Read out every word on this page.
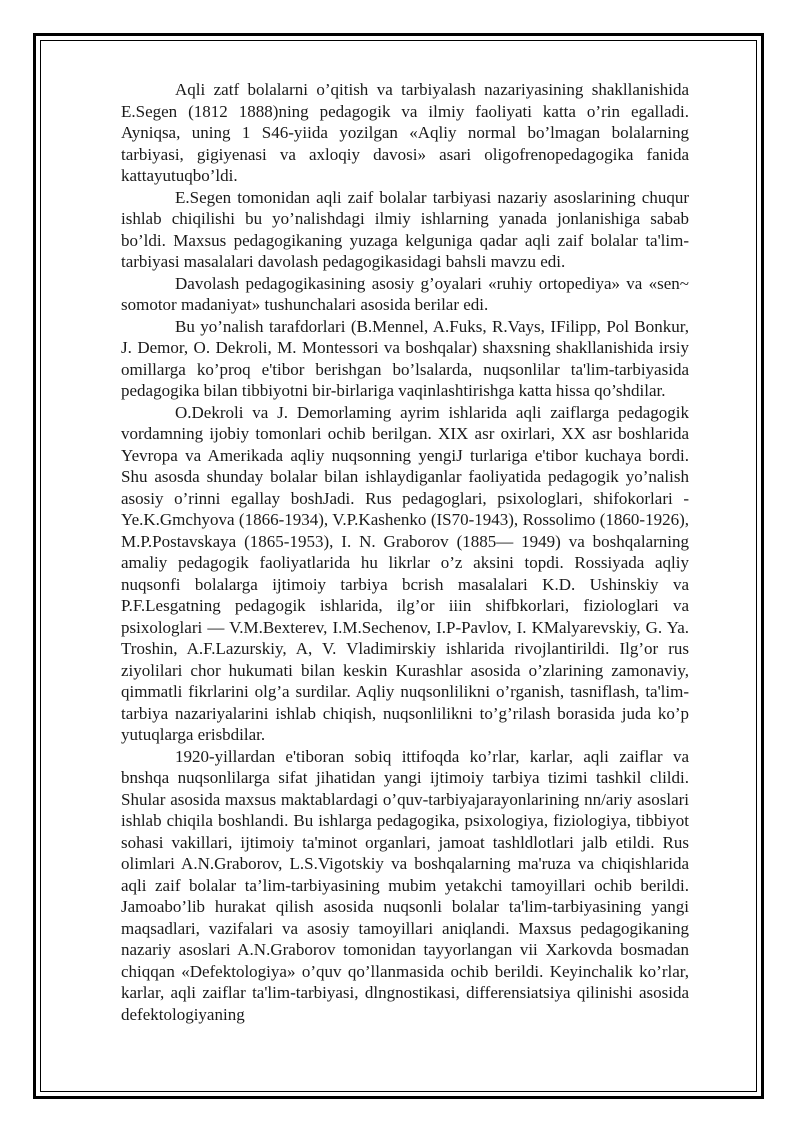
Aqli zatf bolalarni o’qitish va tarbiyalash nazariyasining shakllanishida E.Segen (1812 1888)ning pedagogik va ilmiy faoliyati katta o’rin egalladi. Ayniqsa, uning 1 S46-yiida yozilgan «Aqliy normal bo’lmagan bolalarning tarbiyasi, gigiyenasi va axloqiy davosi» asari oligofrenopedagogika fanida kattayutuqbo’ldi.

E.Segen tomonidan aqli zaif bolalar tarbiyasi nazariy asoslarining chuqur ishlab chiqilishi bu yo’nalishdagi ilmiy ishlarning yanada jonlanishiga sabab bo’ldi. Maxsus pedagogikaning yuzaga kelguniga qadar aqli zaif bolalar ta'lim-tarbiyasi masalalari davolash pedagogikasidagi bahsli mavzu edi.

Davolash pedagogikasining asosiy g’oyalari «ruhiy ortopediya» va «sen~ somotor madaniyat» tushunchalari asosida berilar edi.

Bu yo’nalish tarafdorlari (B.Mennel, A.Fuks, R.Vays, IFilipp, Pol Bonkur, J. Demor, O. Dekroli, M. Montessori va boshqalar) shaxsning shakllanishida irsiy omillarga ko’proq e'tibor berishgan bo’lsalarda, nuqsonlilar ta'lim-tarbiyasida pedagogika bilan tibbiyotni bir-birlariga vaqinlashtirishga katta hissa qo’shdilar.

O.Dekroli va J. Demorlaming ayrim ishlarida aqli zaiflarga pedagogik vordamning ijobiy tomonlari ochib berilgan. XIX asr oxirlari, XX asr boshlarida Yevropa va Amerikada aqliy nuqsonning yengiJ turlariga e'tibor kuchaya bordi. Shu asosda shunday bolalar bilan ishlaydiganlar faoliyatida pedagogik yo’nalish asosiy o’rinni egallay boshJadi. Rus pedagoglari, psixologlari, shifokorlari - Ye.K.Gmchyova (1866-1934), V.P.Kashenko (IS70-1943), Rossolimo (1860-1926), M.P.Postavskaya (1865-1953), I. N. Graborov (1885— 1949) va boshqalarning amaliy pedagogik faoliyatlarida hu likrlar o’z aksini topdi. Rossiyada aqliy nuqsonfi bolalarga ijtimoiy tarbiya bcrish masalalari K.D. Ushinskiy va P.F.Lesgatning pedagogik ishlarida, ilg’or iiin shifbkorlari, fiziologlari va psixologlari — V.M.Bexterev, I.M.Sechenov, I.P-Pavlov, I. KMalyarevskiy, G. Ya. Troshin, A.F.Lazurskiy, A, V. Vladimirskiy ishlarida rivojlantirildi. Ilg’or rus ziyolilari chor hukumati bilan keskin Kurashlar asosida o’zlarining zamonaviy, qimmatli fikrlarini olg’a surdilar. Aqliy nuqsonlilikni o’rganish, tasniflash, ta'lim-tarbiya nazariyalarini ishlab chiqish, nuqsonlilikni to’g’rilash borasida juda ko’p yutuqlarga erisbdilar.

1920-yillardan e'tiboran sobiq ittifoqda ko’rlar, karlar, aqli zaiflar va bnshqa nuqsonlilarga sifat jihatidan yangi ijtimoiy tarbiya tizimi tashkil clildi. Shular asosida maxsus maktablardagi o’quv-tarbiyajarayonlarining nn/ariy asoslari ishlab chiqila boshlandi. Bu ishlarga pedagogika, psixologiya, fiziologiya, tibbiyot sohasi vakillari, ijtimoiy ta'minot organlari, jamoat tashldlotlari jalb etildi. Rus olimlari A.N.Graborov, L.S.Vigotskiy va boshqalarning ma'ruza va chiqishlarida aqli zaif bolalar ta’lim-tarbiyasining mubim yetakchi tamoyillari ochib berildi. Jamoabo’lib hurakat qilish asosida nuqsonli bolalar ta'lim-tarbiyasining yangi maqsadlari, vazifalari va asosiy tamoyillari aniqlandi. Maxsus pedagogikaning nazariy asoslari A.N.Graborov tomonidan tayyorlangan vii Xarkovda bosmadan chiqqan «Defektologiya» o’quv qo’llanmasida ochib berildi. Keyinchalik ko’rlar, karlar, aqli zaiflar ta'lim-tarbiyasi, dlngnostikasi, differensiatsiya qilinishi asosida defektologiyaning
